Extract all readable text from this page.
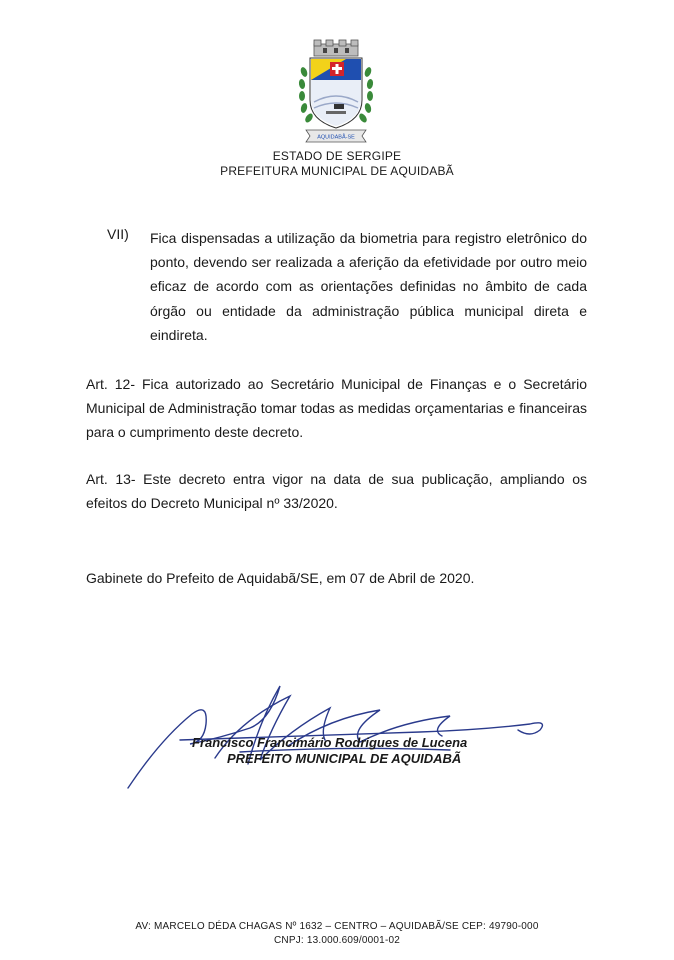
AQUIDABÃ-SE
ESTADO DE SERGIPE
PREFEITURA MUNICIPAL DE AQUIDABÃ
VII) Fica dispensadas a utilização da biometria para registro eletrônico do ponto, devendo ser realizada a aferição da efetividade por outro meio eficaz de acordo com as orientações definidas no âmbito de cada órgão ou entidade da administração pública municipal direta e eindireta.
Art. 12- Fica autorizado ao Secretário Municipal de Finanças e o Secretário Municipal de Administração tomar todas as medidas orçamentarias e financeiras para o cumprimento deste decreto.
Art. 13- Este decreto entra vigor na data de sua publicação, ampliando os efeitos do Decreto Municipal nº 33/2020.
Gabinete do Prefeito de Aquidabã/SE, em 07 de Abril de 2020.
Francisco Francimário Rodrigues de Lucena
PREFEITO MUNICIPAL DE AQUIDABÃ
AV: MARCELO DÉDA CHAGAS Nº 1632 – CENTRO – AQUIDABÃ/SE CEP: 49790-000
CNPJ: 13.000.609/0001-02
